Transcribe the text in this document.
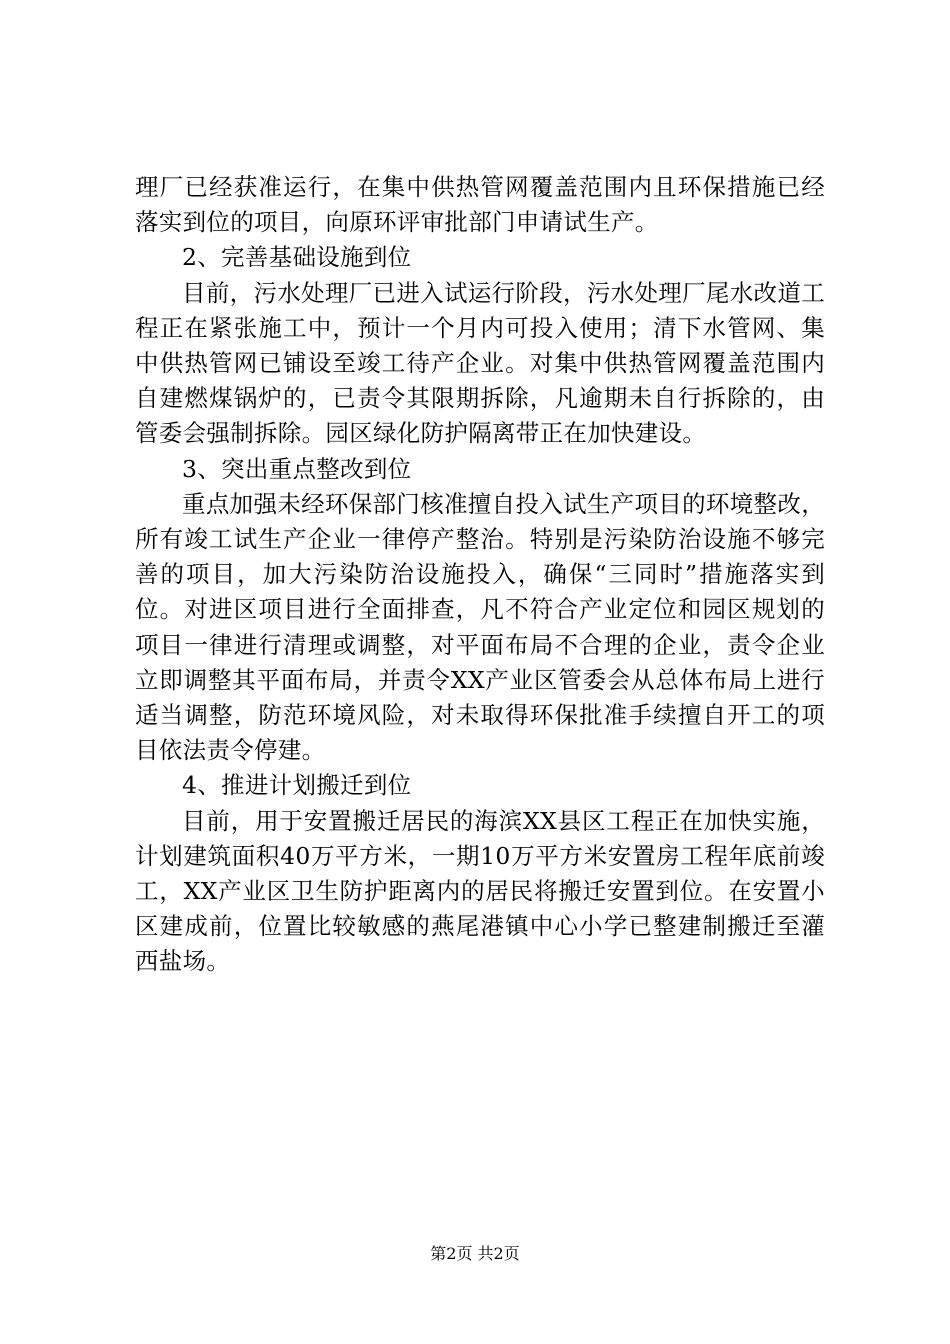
理厂已经获准运行，在集中供热管网覆盖范围内且环保措施已经落实到位的项目，向原环评审批部门申请试生产。

2、完善基础设施到位

目前，污水处理厂已进入试运行阶段，污水处理厂尾水改道工程正在紧张施工中，预计一个月内可投入使用；清下水管网、集中供热管网已铺设至竣工待产企业。对集中供热管网覆盖范围内自建燃煤锅炉的，已责令其限期拆除，凡逾期未自行拆除的，由管委会强制拆除。园区绿化防护隔离带正在加快建设。

3、突出重点整改到位

重点加强未经环保部门核准擅自投入试生产项目的环境整改，所有竣工试生产企业一律停产整治。特别是污染防治设施不够完善的项目，加大污染防治设施投入，确保“三同时”措施落实到位。对进区项目进行全面排查，凡不符合产业定位和园区规划的项目一律进行清理或调整，对平面布局不合理的企业，责令企业立即调整其平面布局，并责令XX产业区管委会从总体布局上进行适当调整，防范环境风险，对未取得环保批准手续擅自开工的项目依法责令停建。

4、推进计划搬迁到位

目前，用于安置搬迁居民的海滨XX县区工程正在加快实施，计划建筑面积40万平方米，一期10万平方米安置房工程年底前竣工，XX产业区卫生防护距离内的居民将搬迁安置到位。在安置小区建成前，位置比较敏感的燕尾港镇中心小学已整建制搬迁至灌西盐场。

第2页 共2页
